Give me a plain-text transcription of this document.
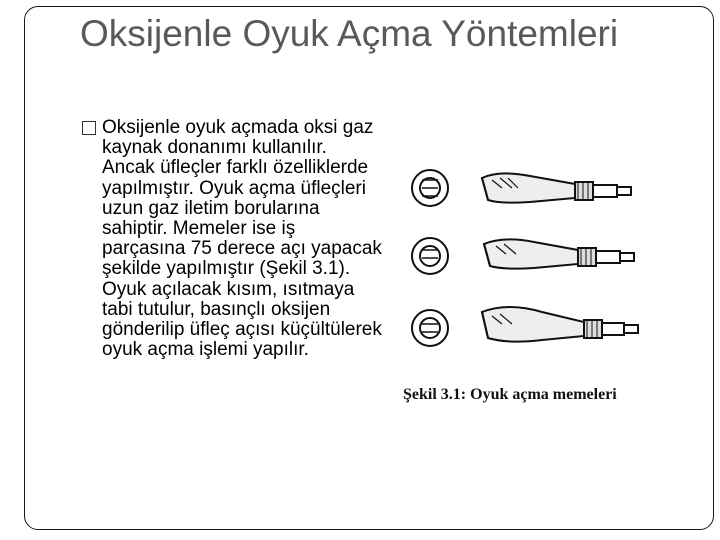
Oksijenle Oyuk Açma Yöntemleri

Oksijenle oyuk açmada oksi gaz kaynak donanımı kullanılır. Ancak üfleçler farklı özelliklerde yapılmıştır. Oyuk açma üfleçleri uzun gaz iletim borularına sahiptir. Memeler ise iş parçasına 75 derece açı yapacak şekilde yapılmıştır (Şekil 3.1). Oyuk açılacak kısım, ısıtmaya tabi tutulur, basınçlı oksijen gönderilip üfleç açısı küçültülerek oyuk açma işlemi yapılır.

Şekil 3.1: Oyuk açma memeleri
